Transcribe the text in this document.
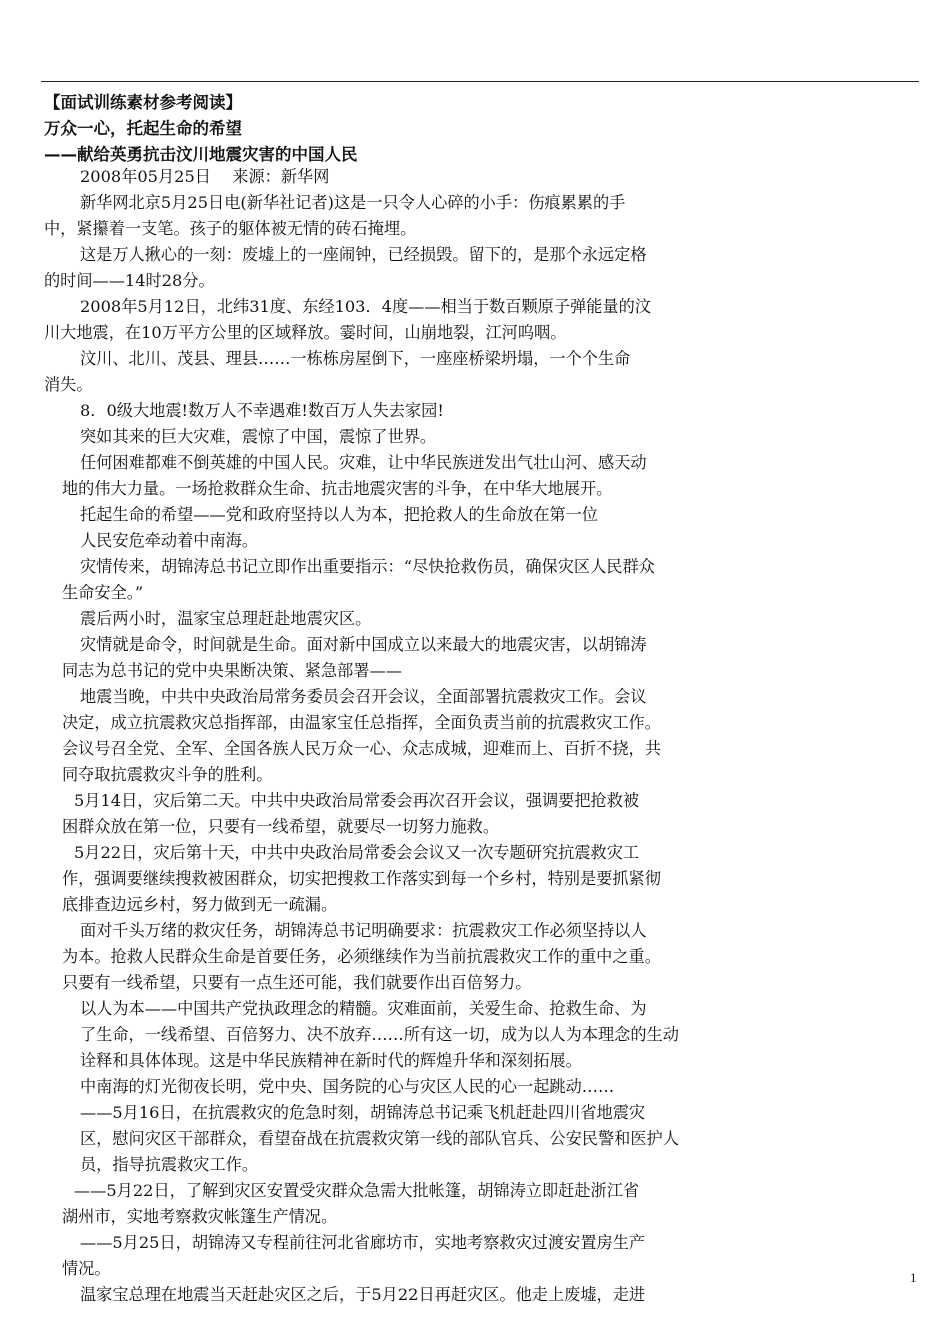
【面试训练素材参考阅读】
万众一心，托起生命的希望
——献给英勇抗击汶川地震灾害的中国人民
2008年05月25日　 来源：新华网
新华网北京5月25日电(新华社记者)这是一只令人心碎的小手：伤痕累累的手
中，紧攥着一支笔。孩子的躯体被无情的砖石掩埋。
这是万人揪心的一刻：废墟上的一座闹钟，已经损毁。留下的，是那个永远定格
的时间——14时28分。
2008年5月12日，北纬31度、东经103．4度——相当于数百颗原子弹能量的汶
川大地震，在10万平方公里的区域释放。霎时间，山崩地裂，江河呜咽。
汶川、北川、茂县、理县……一栋栋房屋倒下，一座座桥梁坍塌，一个个生命
消失。
8．0级大地震!数万人不幸遇难!数百万人失去家园!
突如其来的巨大灾难，震惊了中国，震惊了世界。
任何困难都难不倒英雄的中国人民。灾难，让中华民族迸发出气壮山河、感天动
地的伟大力量。一场抢救群众生命、抗击地震灾害的斗争，在中华大地展开。
托起生命的希望——党和政府坚持以人为本，把抢救人的生命放在第一位
人民安危牵动着中南海。
灾情传来，胡锦涛总书记立即作出重要指示：“尽快抢救伤员，确保灾区人民群众
生命安全。”
震后两小时，温家宝总理赶赴地震灾区。
灾情就是命令，时间就是生命。面对新中国成立以来最大的地震灾害，以胡锦涛
同志为总书记的党中央果断决策、紧急部署——
地震当晚，中共中央政治局常务委员会召开会议，全面部署抗震救灾工作。会议
决定，成立抗震救灾总指挥部，由温家宝任总指挥，全面负责当前的抗震救灾工作。
会议号召全党、全军、全国各族人民万众一心、众志成城，迎难而上、百折不挠，共
同夺取抗震救灾斗争的胜利。
5月14日，灾后第二天。中共中央政治局常委会再次召开会议，强调要把抢救被
困群众放在第一位，只要有一线希望，就要尽一切努力施救。
5月22日，灾后第十天，中共中央政治局常委会会议又一次专题研究抗震救灾工
作，强调要继续搜救被困群众，切实把搜救工作落实到每一个乡村，特别是要抓紧彻
底排查边远乡村，努力做到无一疏漏。
面对千头万绪的救灾任务，胡锦涛总书记明确要求：抗震救灾工作必须坚持以人
为本。抢救人民群众生命是首要任务，必须继续作为当前抗震救灾工作的重中之重。
只要有一线希望，只要有一点生还可能，我们就要作出百倍努力。
以人为本——中国共产党执政理念的精髓。灾难面前，关爱生命、抢救生命、为
了生命，一线希望、百倍努力、决不放弃……所有这一切，成为以人为本理念的生动
诠释和具体体现。这是中华民族精神在新时代的辉煌升华和深刻拓展。
中南海的灯光彻夜长明，党中央、国务院的心与灾区人民的心一起跳动……
——5月16日，在抗震救灾的危急时刻，胡锦涛总书记乘飞机赶赴四川省地震灾
区，慰问灾区干部群众，看望奋战在抗震救灾第一线的部队官兵、公安民警和医护人
员，指导抗震救灾工作。
——5月22日，了解到灾区安置受灾群众急需大批帐篷，胡锦涛立即赶赴浙江省
湖州市，实地考察救灾帐篷生产情况。
——5月25日，胡锦涛又专程前往河北省廊坊市，实地考察救灾过渡安置房生产
情况。
温家宝总理在地震当天赶赴灾区之后，于5月22日再赶灾区。他走上废墟，走进
1
